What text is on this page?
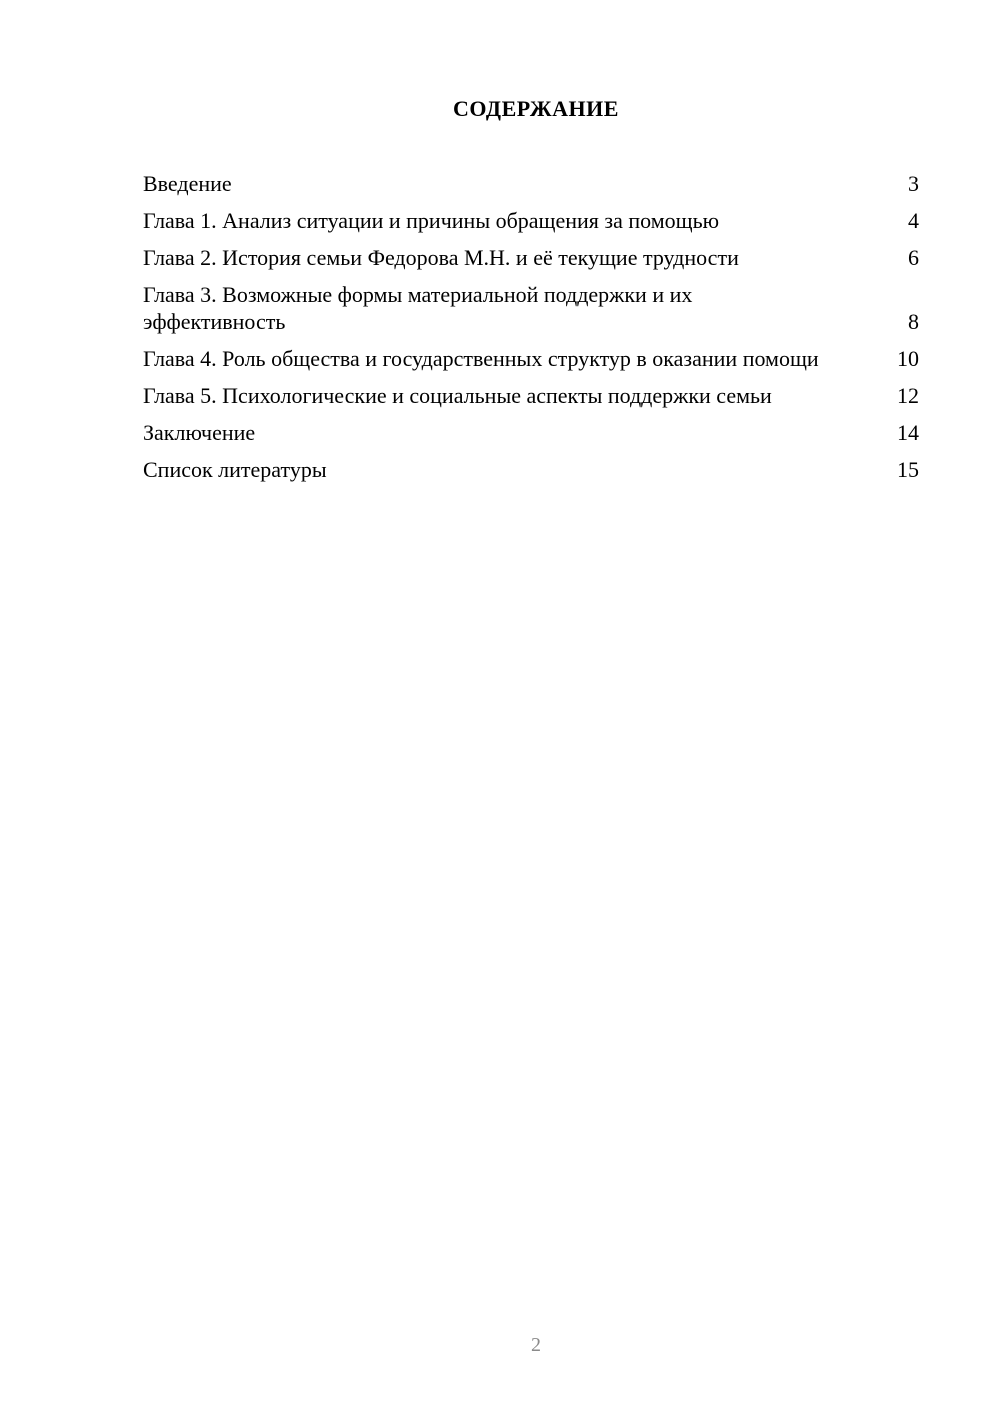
СОДЕРЖАНИЕ
Введение	3
Глава 1. Анализ ситуации и причины обращения за помощью	4
Глава 2. История семьи Федорова М.Н. и её текущие трудности	6
Глава 3. Возможные формы материальной поддержки и их эффективность	8
Глава 4. Роль общества и государственных структур в оказании помощи	10
Глава 5. Психологические и социальные аспекты поддержки семьи	12
Заключение	14
Список литературы	15
2
